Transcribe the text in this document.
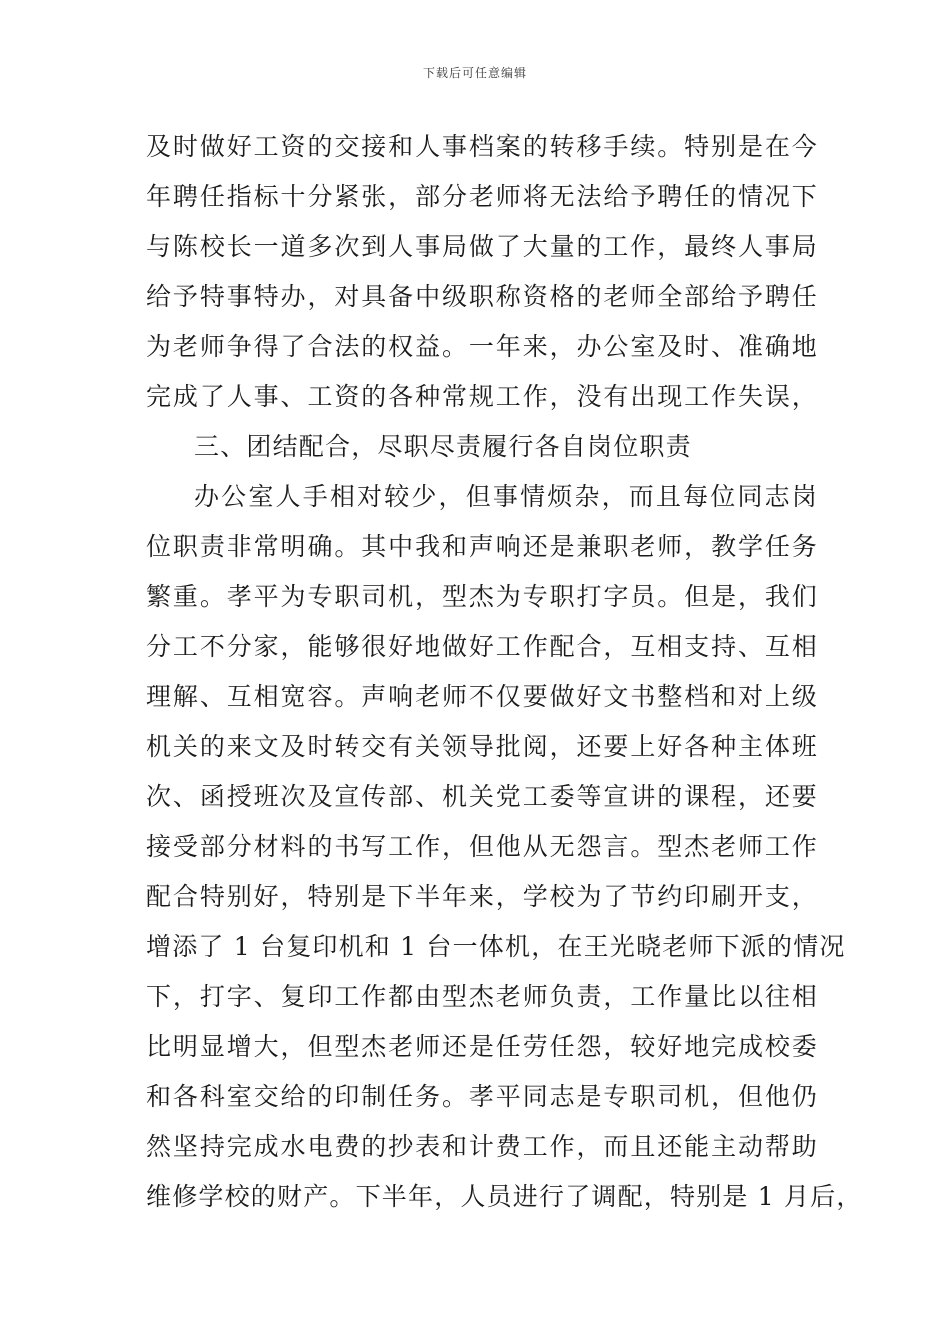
下载后可任意编辑
及时做好工资的交接和人事档案的转移手续。特别是在今
年聘任指标十分紧张，部分老师将无法给予聘任的情况下
与陈校长一道多次到人事局做了大量的工作，最终人事局
给予特事特办，对具备中级职称资格的老师全部给予聘任
为老师争得了合法的权益。一年来，办公室及时、准确地
完成了人事、工资的各种常规工作，没有出现工作失误，
三、团结配合，尽职尽责履行各自岗位职责
办公室人手相对较少，但事情烦杂，而且每位同志岗
位职责非常明确。其中我和声响还是兼职老师，教学任务
繁重。孝平为专职司机，型杰为专职打字员。但是，我们
分工不分家，能够很好地做好工作配合，互相支持、互相
理解、互相宽容。声响老师不仅要做好文书整档和对上级
机关的来文及时转交有关领导批阅，还要上好各种主体班
次、函授班次及宣传部、机关党工委等宣讲的课程，还要
接受部分材料的书写工作，但他从无怨言。型杰老师工作
配合特别好，特别是下半年来，学校为了节约印刷开支，
增添了 1 台复印机和 1 台一体机，在王光晓老师下派的情况
下，打字、复印工作都由型杰老师负责，工作量比以往相
比明显增大，但型杰老师还是任劳任怨，较好地完成校委
和各科室交给的印制任务。孝平同志是专职司机，但他仍
然坚持完成水电费的抄表和计费工作，而且还能主动帮助
维修学校的财产。下半年，人员进行了调配，特别是 1 月后，
